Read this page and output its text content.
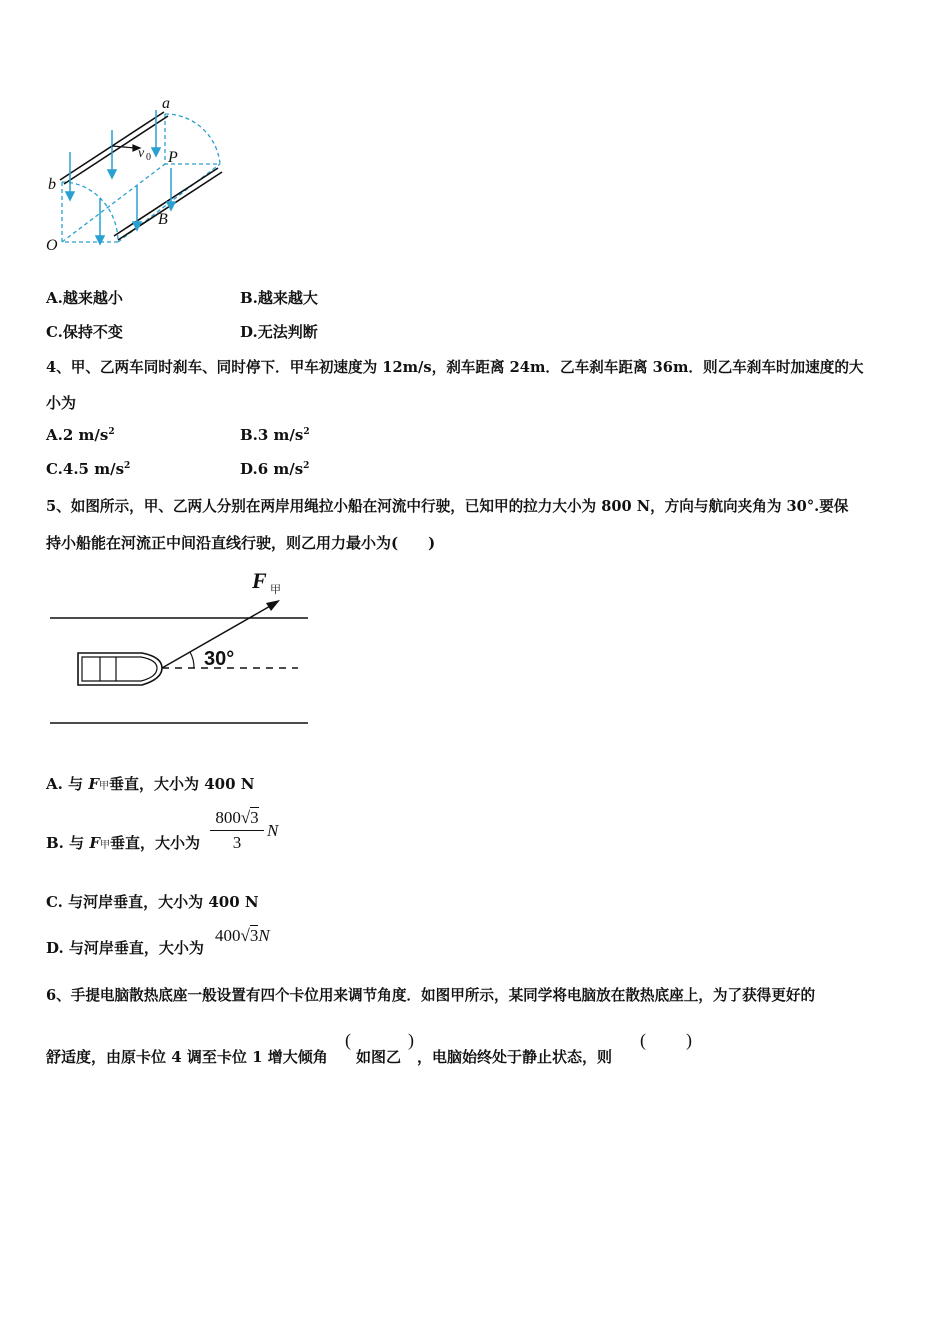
a
b
v 0 P
B
O
A.越来越小	B.越来越大
C.保持不变	D.无法判断
4、甲、乙两车同时刹车、同时停下．甲车初速度为 12m/s，刹车距离 24m．乙车刹车距离 36m．则乙车刹车时加速度的大
小为
A.2 $m/s^2$	B.3 $m/s^2$
C.4.5 $m/s^2$	D.6 $m/s^2$
5、如图所示，甲、乙两人分别在两岸用绳拉小船在河流中行驶，已知甲的拉力大小为 800 N，方向与航向夹角为 30°.要保
持小船能在河流正中间沿直线行驶，则乙用力最小为(　　)
F 甲
30°
A. 与 F甲垂直，大小为 400 N
B. 与 F甲垂直，大小为
800√3
3
N
C. 与河岸垂直，大小为 400 N
D. 与河岸垂直，大小为
400√3N
6、手提电脑散热底座一般设置有四个卡位用来调节角度．如图甲所示，某同学将电脑放在散热底座上，为了获得更好的
舒适度，由原卡位 4 调至卡位 1 增大倾角
(
如图乙
)
，电脑始终处于静止状态，则
( )
